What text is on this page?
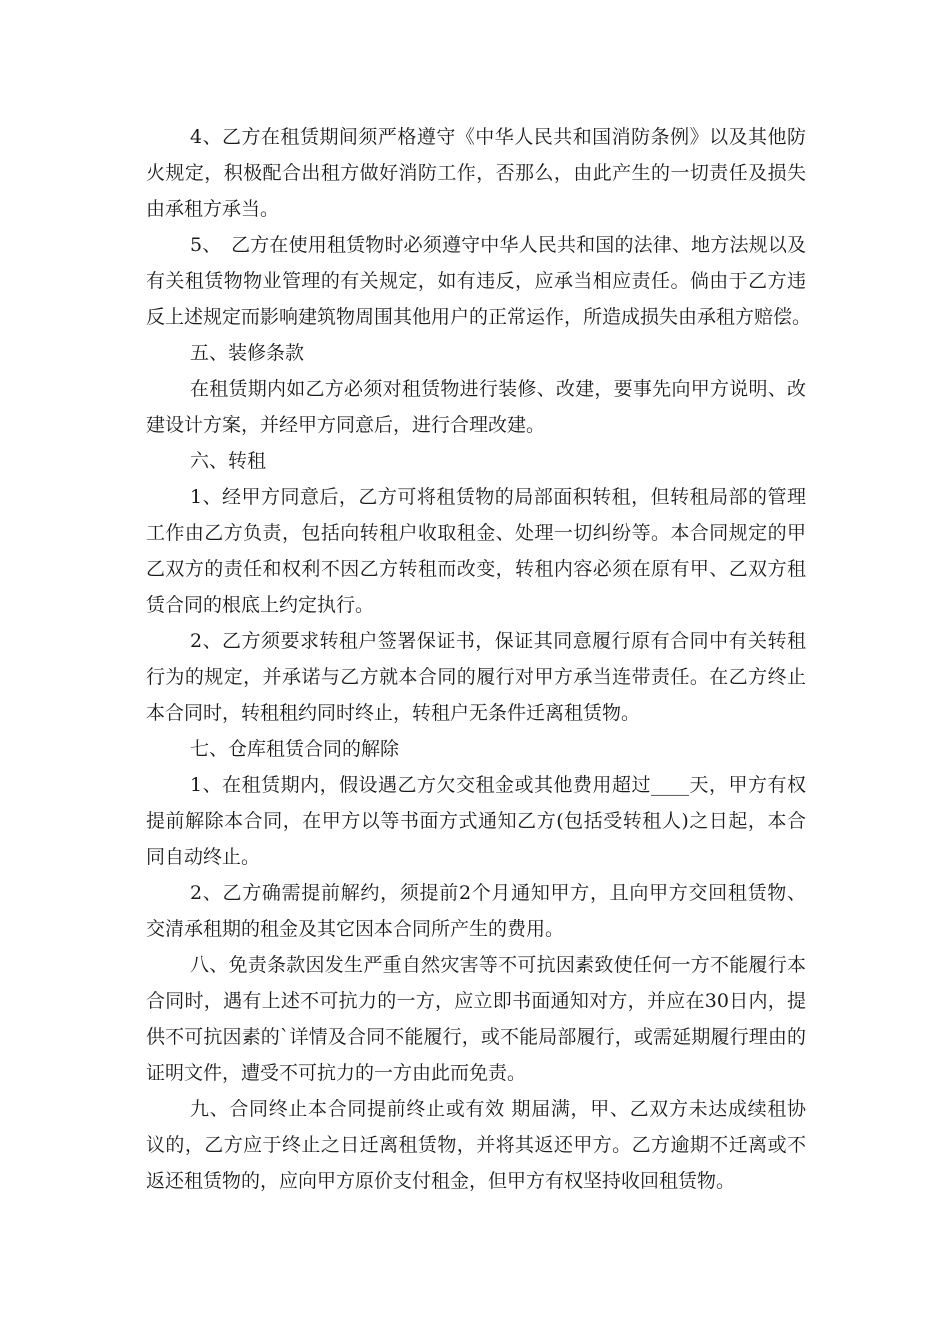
4、乙方在租赁期间须严格遵守《中华人民共和国消防条例》以及其他防
火规定，积极配合出租方做好消防工作，否那么，由此产生的一切责任及损失
由承租方承当。
5、　乙方在使用租赁物时必须遵守中华人民共和国的法律、地方法规以及
有关租赁物物业管理的有关规定，如有违反，应承当相应责任。倘由于乙方违
反上述规定而影响建筑物周围其他用户的正常运作，所造成损失由承租方赔偿。
五、装修条款
在租赁期内如乙方必须对租赁物进行装修、改建，要事先向甲方说明、改
建设计方案，并经甲方同意后，进行合理改建。
六、转租
1、经甲方同意后，乙方可将租赁物的局部面积转租，但转租局部的管理
工作由乙方负责，包括向转租户收取租金、处理一切纠纷等。本合同规定的甲
乙双方的责任和权利不因乙方转租而改变，转租内容必须在原有甲、乙双方租
赁合同的根底上约定执行。
2、乙方须要求转租户签署保证书，保证其同意履行原有合同中有关转租
行为的规定，并承诺与乙方就本合同的履行对甲方承当连带责任。在乙方终止
本合同时，转租租约同时终止，转租户无条件迁离租赁物。
七、仓库租赁合同的解除
1、在租赁期内，假设遇乙方欠交租金或其他费用超过____天，甲方有权
提前解除本合同，在甲方以等书面方式通知乙方(包括受转租人)之日起，本合
同自动终止。
2、乙方确需提前解约，须提前2个月通知甲方，且向甲方交回租赁物、
交清承租期的租金及其它因本合同所产生的费用。
八、免责条款因发生严重自然灾害等不可抗因素致使任何一方不能履行本
合同时，遇有上述不可抗力的一方，应立即书面通知对方，并应在30日内，提
供不可抗因素的`详情及合同不能履行，或不能局部履行，或需延期履行理由的
证明文件，遭受不可抗力的一方由此而免责。
九、合同终止本合同提前终止或有效 期届满，甲、乙双方未达成续租协
议的，乙方应于终止之日迁离租赁物，并将其返还甲方。乙方逾期不迁离或不
返还租赁物的，应向甲方原价支付租金，但甲方有权坚持收回租赁物。
